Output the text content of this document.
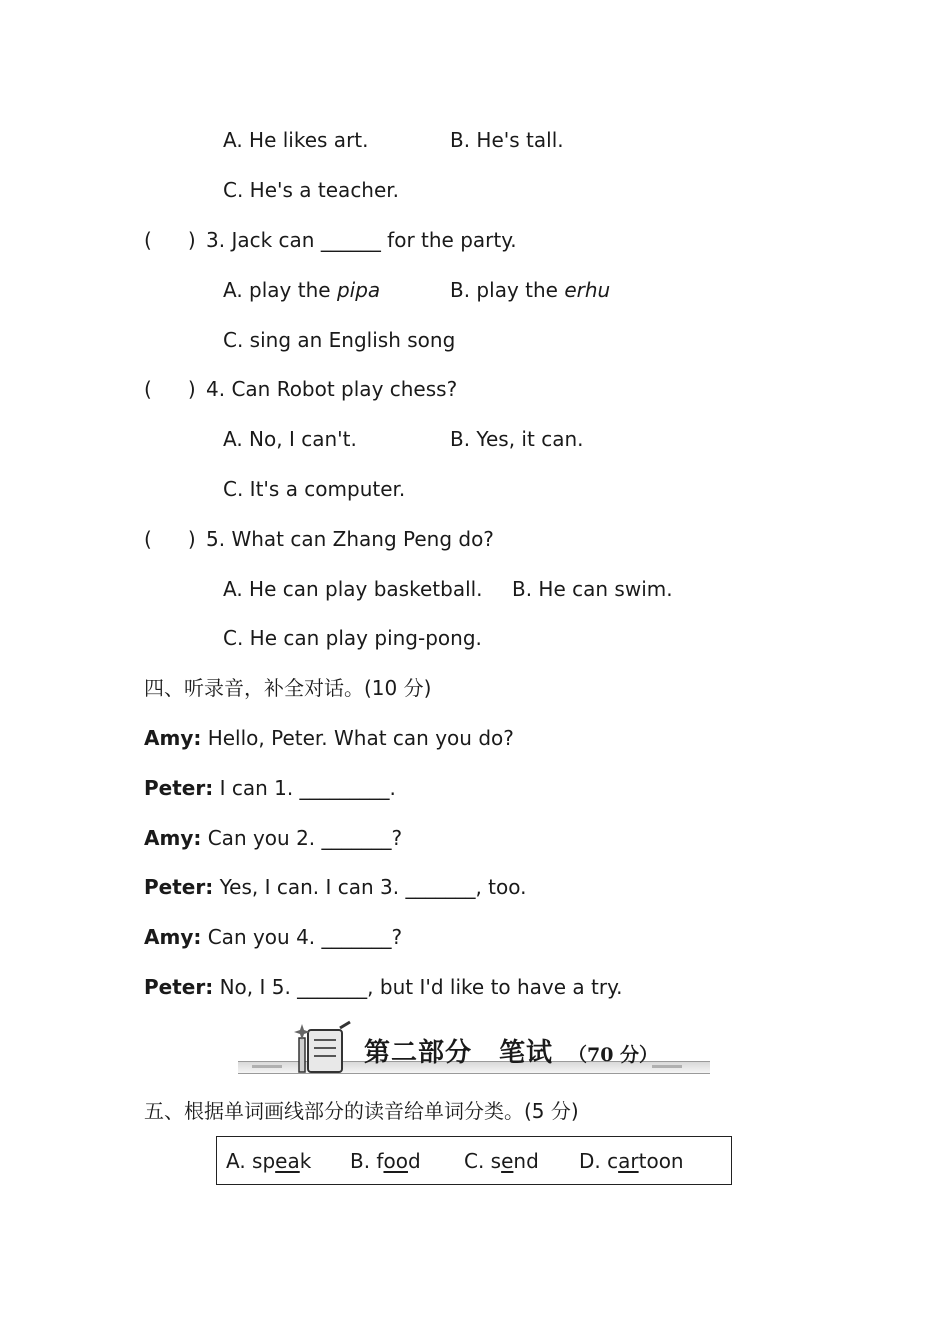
A. He likes art.	B. He's tall.
C. He's a teacher.
( ) 3. Jack can ______ for the party.
A. play the pipa	B. play the erhu
C. sing an English song
( ) 4. Can Robot play chess?
A. No, I can't.	B. Yes, it can.
C. It's a computer.
( ) 5. What can Zhang Peng do?
A. He can play basketball. B. He can swim.
C. He can play ping-pong.
四、听录音，补全对话。(10 分)
Amy: Hello, Peter. What can you do?
Peter: I can 1. _________.
Amy: Can you 2. _______?
Peter: Yes, I can. I can 3. _______, too.
Amy: Can you 4. _______?
Peter: No, I 5. _______, but I'd like to have a try.
第二部分　笔试 （70 分）
五、根据单词画线部分的读音给单词分类。(5 分)
A. speak B. food C. send D. cartoon
